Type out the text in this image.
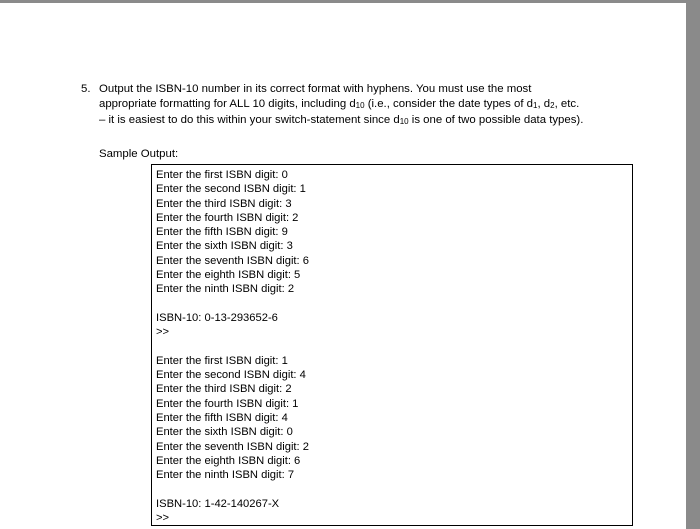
5. Output the ISBN-10 number in its correct format with hyphens. You must use the most
appropriate formatting for ALL 10 digits, including d10 (i.e., consider the date types of d1, d2, etc.
– it is easiest to do this within your switch-statement since d10 is one of two possible data types).
Sample Output:
Enter the first ISBN digit: 0
Enter the second ISBN digit: 1
Enter the third ISBN digit: 3
Enter the fourth ISBN digit: 2
Enter the fifth ISBN digit: 9
Enter the sixth ISBN digit: 3
Enter the seventh ISBN digit: 6
Enter the eighth ISBN digit: 5
Enter the ninth ISBN digit: 2
ISBN-10: 0-13-293652-6
>>
Enter the first ISBN digit: 1
Enter the second ISBN digit: 4
Enter the third ISBN digit: 2
Enter the fourth ISBN digit: 1
Enter the fifth ISBN digit: 4
Enter the sixth ISBN digit: 0
Enter the seventh ISBN digit: 2
Enter the eighth ISBN digit: 6
Enter the ninth ISBN digit: 7
ISBN-10: 1-42-140267-X
>>
